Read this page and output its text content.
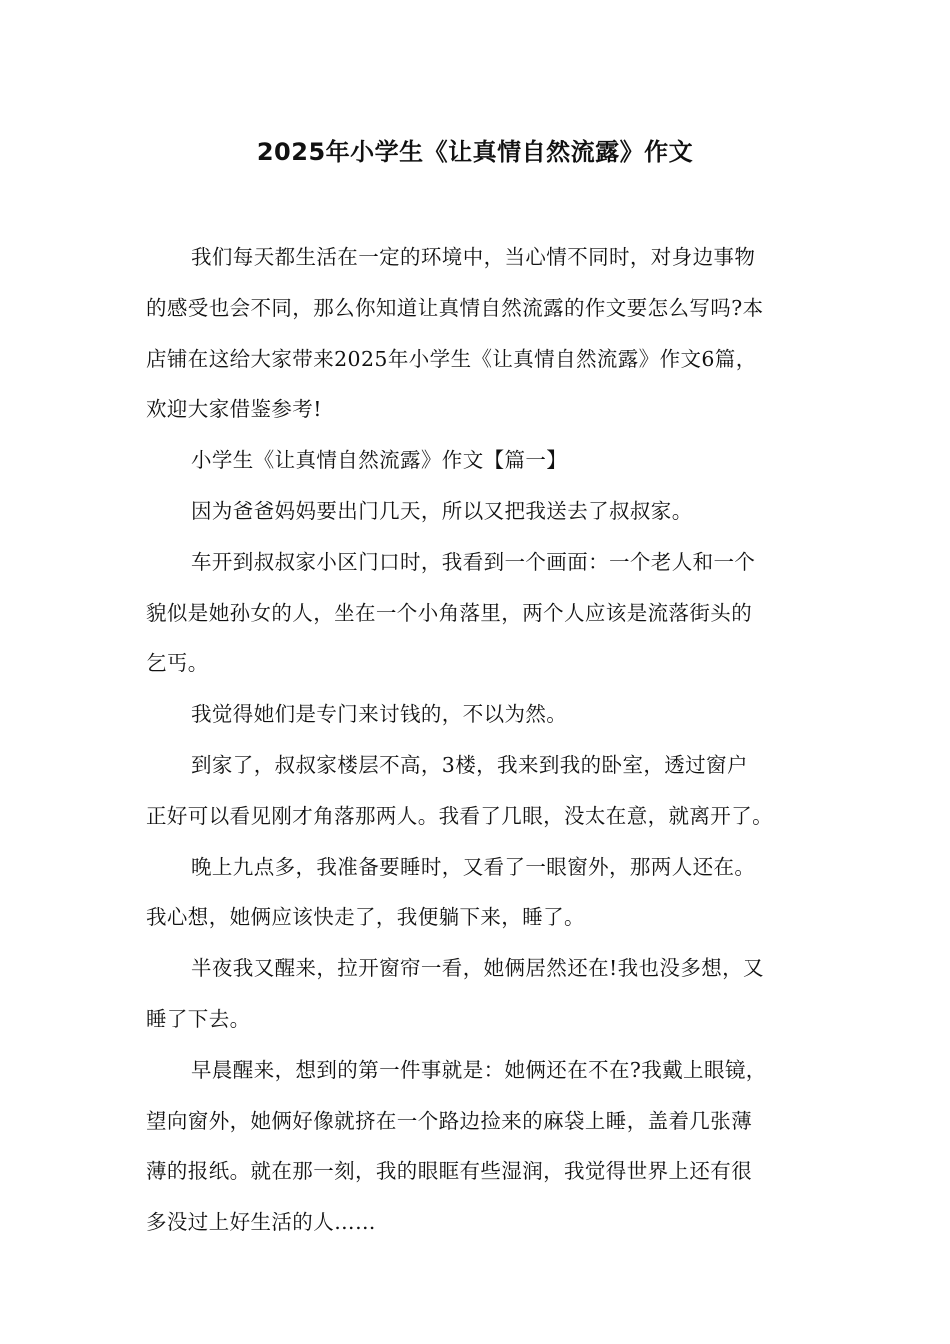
2025年小学生《让真情自然流露》作文
我们每天都生活在一定的环境中，当心情不同时，对身边事物
的感受也会不同，那么你知道让真情自然流露的作文要怎么写吗?本
店铺在这给大家带来2025年小学生《让真情自然流露》作文6篇，
欢迎大家借鉴参考!
小学生《让真情自然流露》作文【篇一】
因为爸爸妈妈要出门几天，所以又把我送去了叔叔家。
车开到叔叔家小区门口时，我看到一个画面：一个老人和一个
貌似是她孙女的人，坐在一个小角落里，两个人应该是流落街头的
乞丐。
我觉得她们是专门来讨钱的，不以为然。
到家了，叔叔家楼层不高，3楼，我来到我的卧室，透过窗户
正好可以看见刚才角落那两人。我看了几眼，没太在意，就离开了。
晚上九点多，我准备要睡时，又看了一眼窗外，那两人还在。
我心想，她俩应该快走了，我便躺下来，睡了。
半夜我又醒来，拉开窗帘一看，她俩居然还在!我也没多想，又
睡了下去。
早晨醒来，想到的第一件事就是：她俩还在不在?我戴上眼镜，
望向窗外，她俩好像就挤在一个路边捡来的麻袋上睡，盖着几张薄
薄的报纸。就在那一刻，我的眼眶有些湿润，我觉得世界上还有很
多没过上好生活的人……
